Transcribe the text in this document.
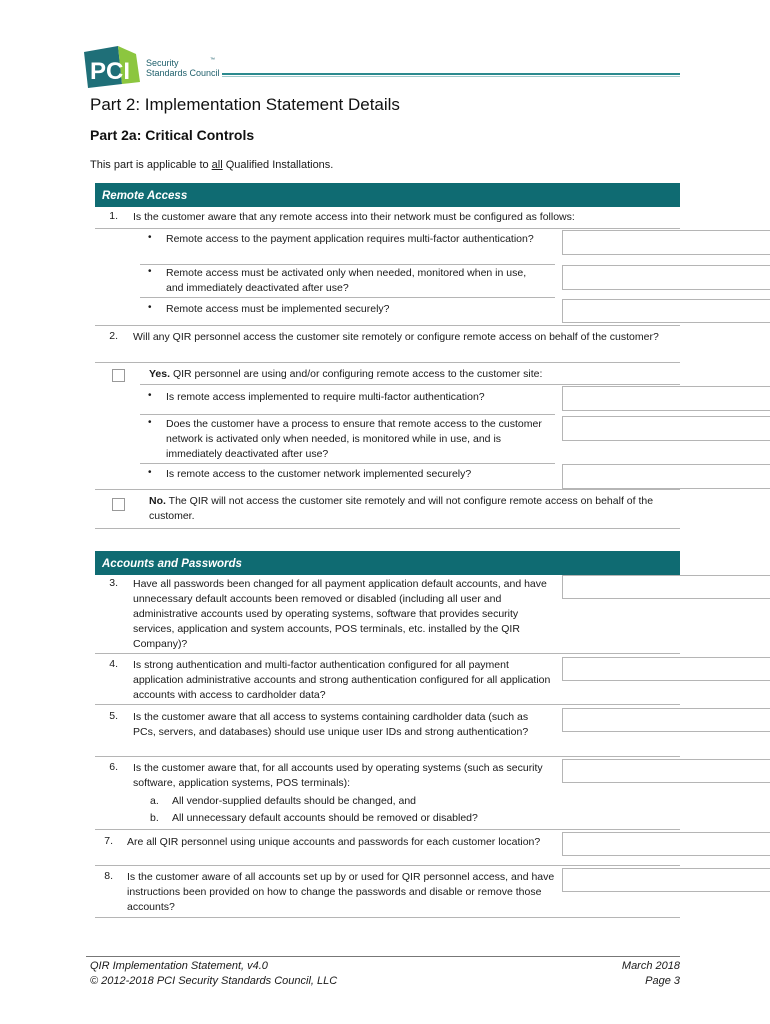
PCI Security
Standards Council
™
Part 2: Implementation Statement Details
Part 2a: Critical Controls
This part is applicable to all Qualified Installations.
Remote Access
1. Is the customer aware that any remote access into their network must be configured as follows:
• Remote access to the payment application requires multi-factor authentication?
• Remote access must be activated only when needed, monitored when in use, and immediately deactivated after use?
• Remote access must be implemented securely?
2. Will any QIR personnel access the customer site remotely or configure remote access on behalf of the customer?
Yes. QIR personnel are using and/or configuring remote access to the customer site:
• Is remote access implemented to require multi-factor authentication?
• Does the customer have a process to ensure that remote access to the customer network is activated only when needed, is monitored while in use, and is immediately deactivated after use?
• Is remote access to the customer network implemented securely?
No. The QIR will not access the customer site remotely and will not configure remote access on behalf of the customer.
Accounts and Passwords
3. Have all passwords been changed for all payment application default accounts, and have unnecessary default accounts been removed or disabled (including all user and administrative accounts used by operating systems, software that provides security services, application and system accounts, POS terminals, etc. installed by the QIR Company)?
4. Is strong authentication and multi-factor authentication configured for all payment application administrative accounts and strong authentication configured for all application accounts with access to cardholder data?
5. Is the customer aware that all access to systems containing cardholder data (such as PCs, servers, and databases) should use unique user IDs and strong authentication?
6. Is the customer aware that, for all accounts used by operating systems (such as security software, application systems, POS terminals):
a. All vendor-supplied defaults should be changed, and
b. All unnecessary default accounts should be removed or disabled?
7. Are all QIR personnel using unique accounts and passwords for each customer location?
8. Is the customer aware of all accounts set up by or used for QIR personnel access, and have instructions been provided on how to change the passwords and disable or remove those accounts?
QIR Implementation Statement, v4.0
© 2012-2018 PCI Security Standards Council, LLC
March 2018
Page 3
